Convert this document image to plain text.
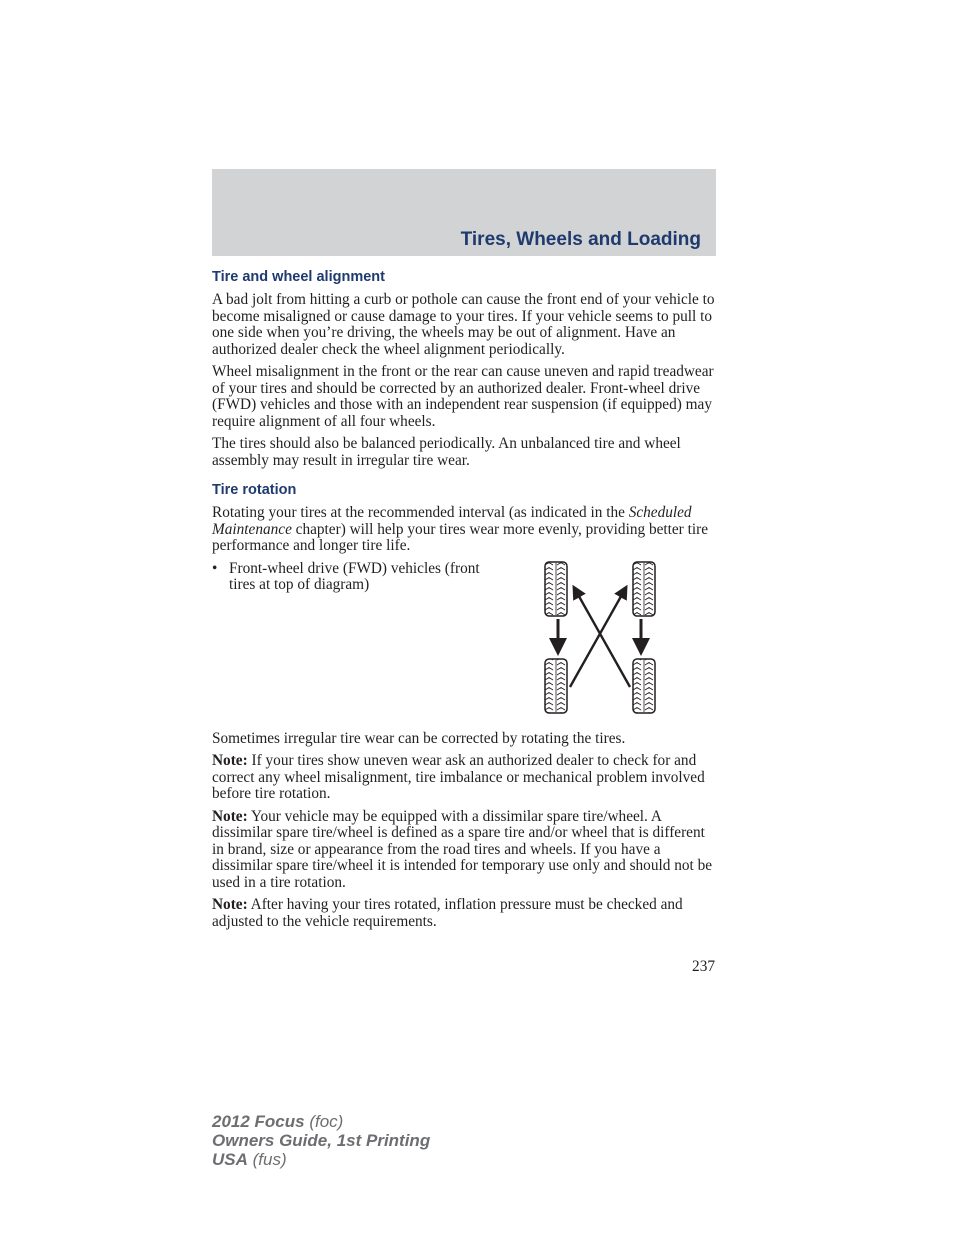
Tires, Wheels and Loading
Tire and wheel alignment

A bad jolt from hitting a curb or pothole can cause the front end of your vehicle to become misaligned or cause damage to your tires. If your vehicle seems to pull to one side when you’re driving, the wheels may be out of alignment. Have an authorized dealer check the wheel alignment periodically.

Wheel misalignment in the front or the rear can cause uneven and rapid treadwear of your tires and should be corrected by an authorized dealer. Front-wheel drive (FWD) vehicles and those with an independent rear suspension (if equipped) may require alignment of all four wheels.

The tires should also be balanced periodically. An unbalanced tire and wheel assembly may result in irregular tire wear.

Tire rotation

Rotating your tires at the recommended interval (as indicated in the Scheduled Maintenance chapter) will help your tires wear more evenly, providing better tire performance and longer tire life.

• Front-wheel drive (FWD) vehicles (front tires at top of diagram)

Sometimes irregular tire wear can be corrected by rotating the tires.

Note: If your tires show uneven wear ask an authorized dealer to check for and correct any wheel misalignment, tire imbalance or mechanical problem involved before tire rotation.

Note: Your vehicle may be equipped with a dissimilar spare tire/wheel. A dissimilar spare tire/wheel is defined as a spare tire and/or wheel that is different in brand, size or appearance from the road tires and wheels. If you have a dissimilar spare tire/wheel it is intended for temporary use only and should not be used in a tire rotation.

Note: After having your tires rotated, inflation pressure must be checked and adjusted to the vehicle requirements.

237
2012 Focus (foc)
Owners Guide, 1st Printing
USA (fus)
